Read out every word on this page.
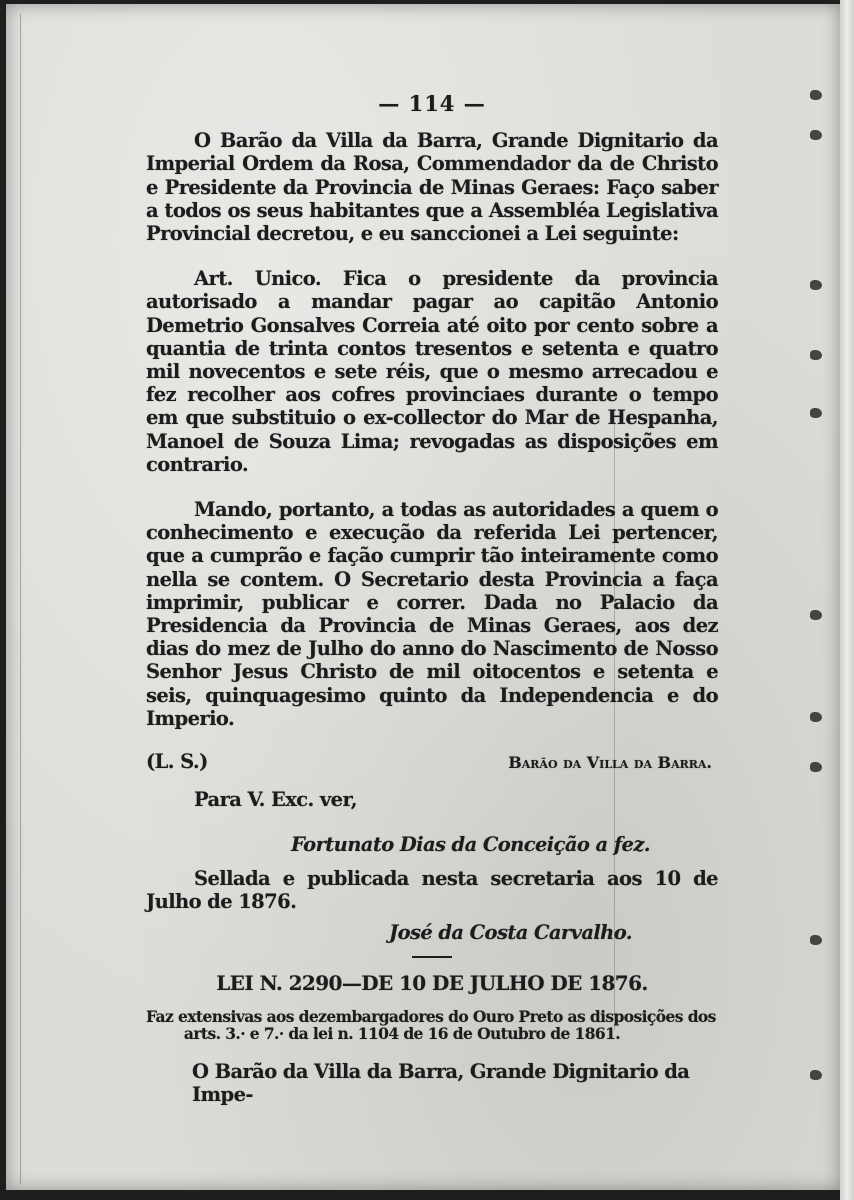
— 114 —

O Barão da Villa da Barra, Grande Dignitario da Imperial Ordem da Rosa, Commendador da de Christo e Presidente da Provincia de Minas Geraes: Faço saber a todos os seus habitantes que a Assembléa Legislativa Provincial decretou, e eu sanccionei a Lei seguinte:

Art. Unico. Fica o presidente da provincia autorisado a mandar pagar ao capitão Antonio Demetrio Gonsalves Correia até oito por cento sobre a quantia de trinta contos tresentos e setenta e quatro mil novecentos e sete réis, que o mesmo arrecadou e fez recolher aos cofres provinciaes durante o tempo em que substituio o ex-collector do Mar de Hespanha, Manoel de Souza Lima; revogadas as disposições em contrario.

Mando, portanto, a todas as autoridades a quem o conhecimento e execução da referida Lei pertencer, que a cumprão e fação cumprir tão inteiramente como nella se contem. O Secretario desta Provincia a faça imprimir, publicar e correr. Dada no Palacio da Presidencia da Provincia de Minas Geraes, aos dez dias do mez de Julho do anno do Nascimento de Nosso Senhor Jesus Christo de mil oitocentos e setenta e seis, quinquagesimo quinto da Independencia e do Imperio.

(L. S.)	Barão da Villa da Barra.
Para V. Exc. ver,
Fortunato Dias da Conceição a fez.

Sellada e publicada nesta secretaria aos 10 de Julho de 1876.

José da Costa Carvalho.
LEI N. 2290—DE 10 DE JULHO DE 1876.
Faz extensivas aos dezembargadores do Ouro Preto as disposições dos
arts. 3.· e 7.· da lei n. 1104 de 16 de Outubro de 1861.

O Barão da Villa da Barra, Grande Dignitario da Impe-
